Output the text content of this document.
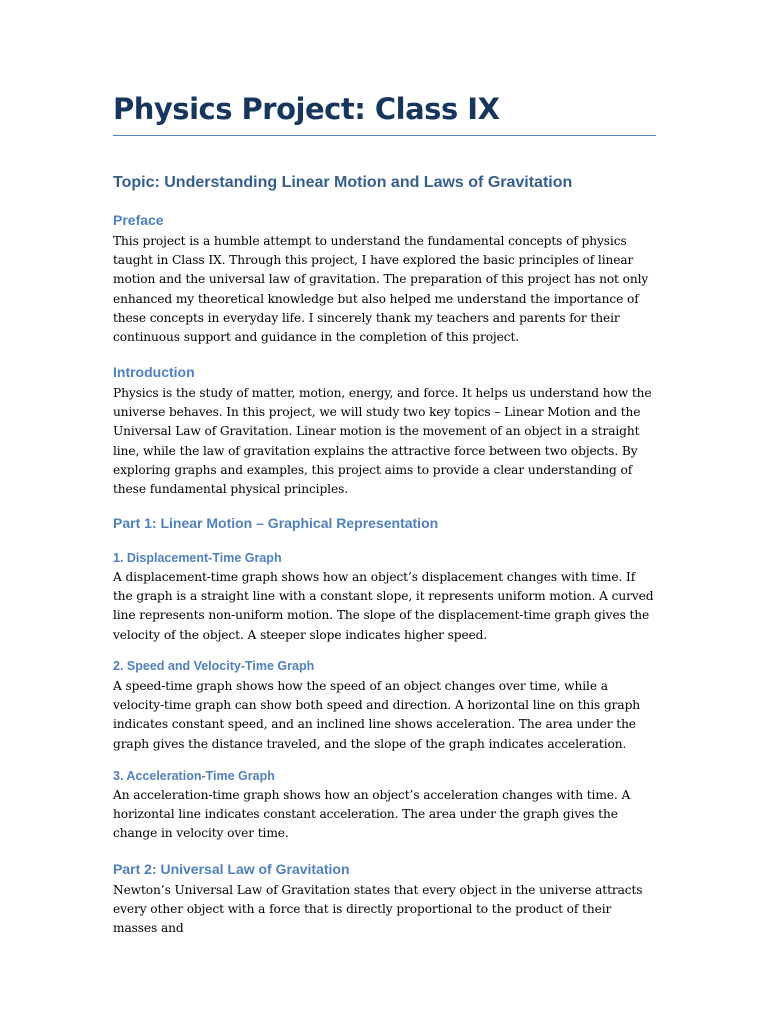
Physics Project: Class IX
Topic: Understanding Linear Motion and Laws of Gravitation
Preface

This project is a humble attempt to understand the fundamental concepts of physics taught in Class IX. Through this project, I have explored the basic principles of linear motion and the universal law of gravitation. The preparation of this project has not only enhanced my theoretical knowledge but also helped me understand the importance of these concepts in everyday life. I sincerely thank my teachers and parents for their continuous support and guidance in the completion of this project.

Introduction

Physics is the study of matter, motion, energy, and force. It helps us understand how the universe behaves. In this project, we will study two key topics – Linear Motion and the Universal Law of Gravitation. Linear motion is the movement of an object in a straight line, while the law of gravitation explains the attractive force between two objects. By exploring graphs and examples, this project aims to provide a clear understanding of these fundamental physical principles.

Part 1: Linear Motion – Graphical Representation
1. Displacement-Time Graph

A displacement-time graph shows how an object’s displacement changes with time. If the graph is a straight line with a constant slope, it represents uniform motion. A curved line represents non-uniform motion. The slope of the displacement-time graph gives the velocity of the object. A steeper slope indicates higher speed.

2. Speed and Velocity-Time Graph

A speed-time graph shows how the speed of an object changes over time, while a velocity-time graph can show both speed and direction. A horizontal line on this graph indicates constant speed, and an inclined line shows acceleration. The area under the graph gives the distance traveled, and the slope of the graph indicates acceleration.

3. Acceleration-Time Graph

An acceleration-time graph shows how an object’s acceleration changes with time. A horizontal line indicates constant acceleration. The area under the graph gives the change in velocity over time.

Part 2: Universal Law of Gravitation

Newton’s Universal Law of Gravitation states that every object in the universe attracts every other object with a force that is directly proportional to the product of their masses and
